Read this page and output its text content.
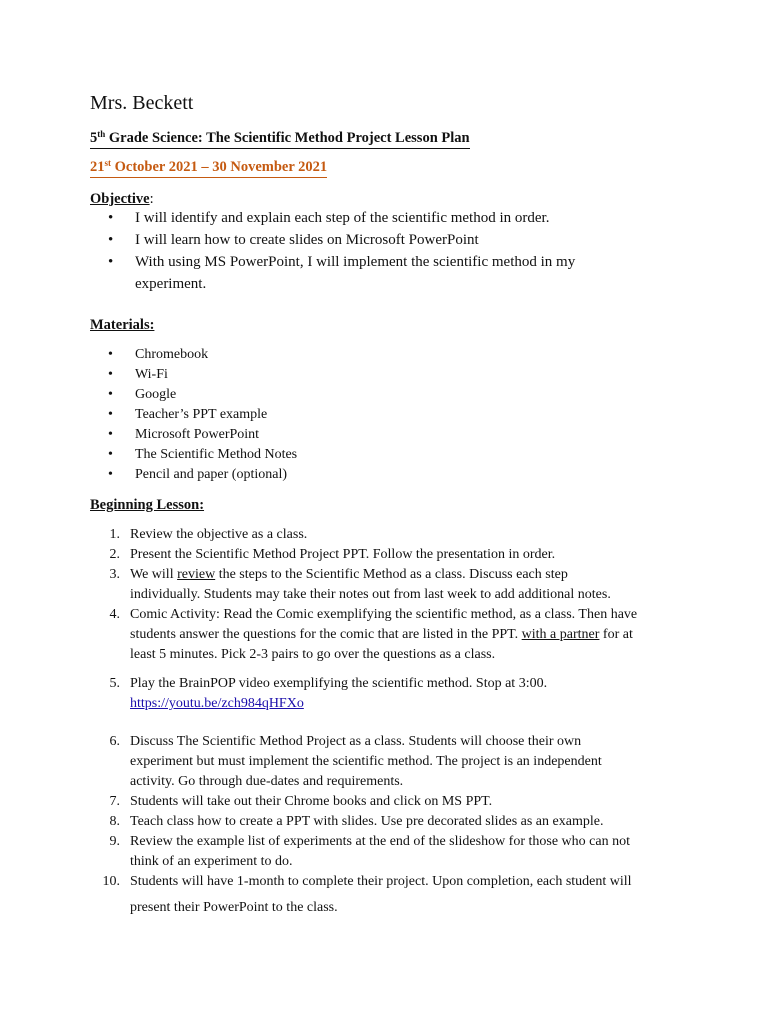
Mrs. Beckett
5th Grade Science: The Scientific Method Project Lesson Plan
21st October 2021 – 30 November 2021
Objective:
• I will identify and explain each step of the scientific method in order.
• I will learn how to create slides on Microsoft PowerPoint
• With using MS PowerPoint, I will implement the scientific method in my
experiment.
Materials:
• Chromebook
• Wi-Fi
• Google
• Teacher’s PPT example
• Microsoft PowerPoint
• The Scientific Method Notes
• Pencil and paper (optional)
Beginning Lesson:
1. Review the objective as a class.
2. Present the Scientific Method Project PPT. Follow the presentation in order.
3. We will review the steps to the Scientific Method as a class. Discuss each step
individually. Students may take their notes out from last week to add additional notes.
4. Comic Activity: Read the Comic exemplifying the scientific method, as a class. Then have
students answer the questions for the comic that are listed in the PPT. with a partner for at
least 5 minutes. Pick 2-3 pairs to go over the questions as a class.
5. Play the BrainPOP video exemplifying the scientific method. Stop at 3:00.
https://youtu.be/zch984qHFXo
6. Discuss The Scientific Method Project as a class. Students will choose their own
experiment but must implement the scientific method. The project is an independent
activity. Go through due-dates and requirements.
7. Students will take out their Chrome books and click on MS PPT.
8. Teach class how to create a PPT with slides. Use pre decorated slides as an example.
9. Review the example list of experiments at the end of the slideshow for those who can not
think of an experiment to do.
10. Students will have 1-month to complete their project. Upon completion, each student will
present their PowerPoint to the class.
